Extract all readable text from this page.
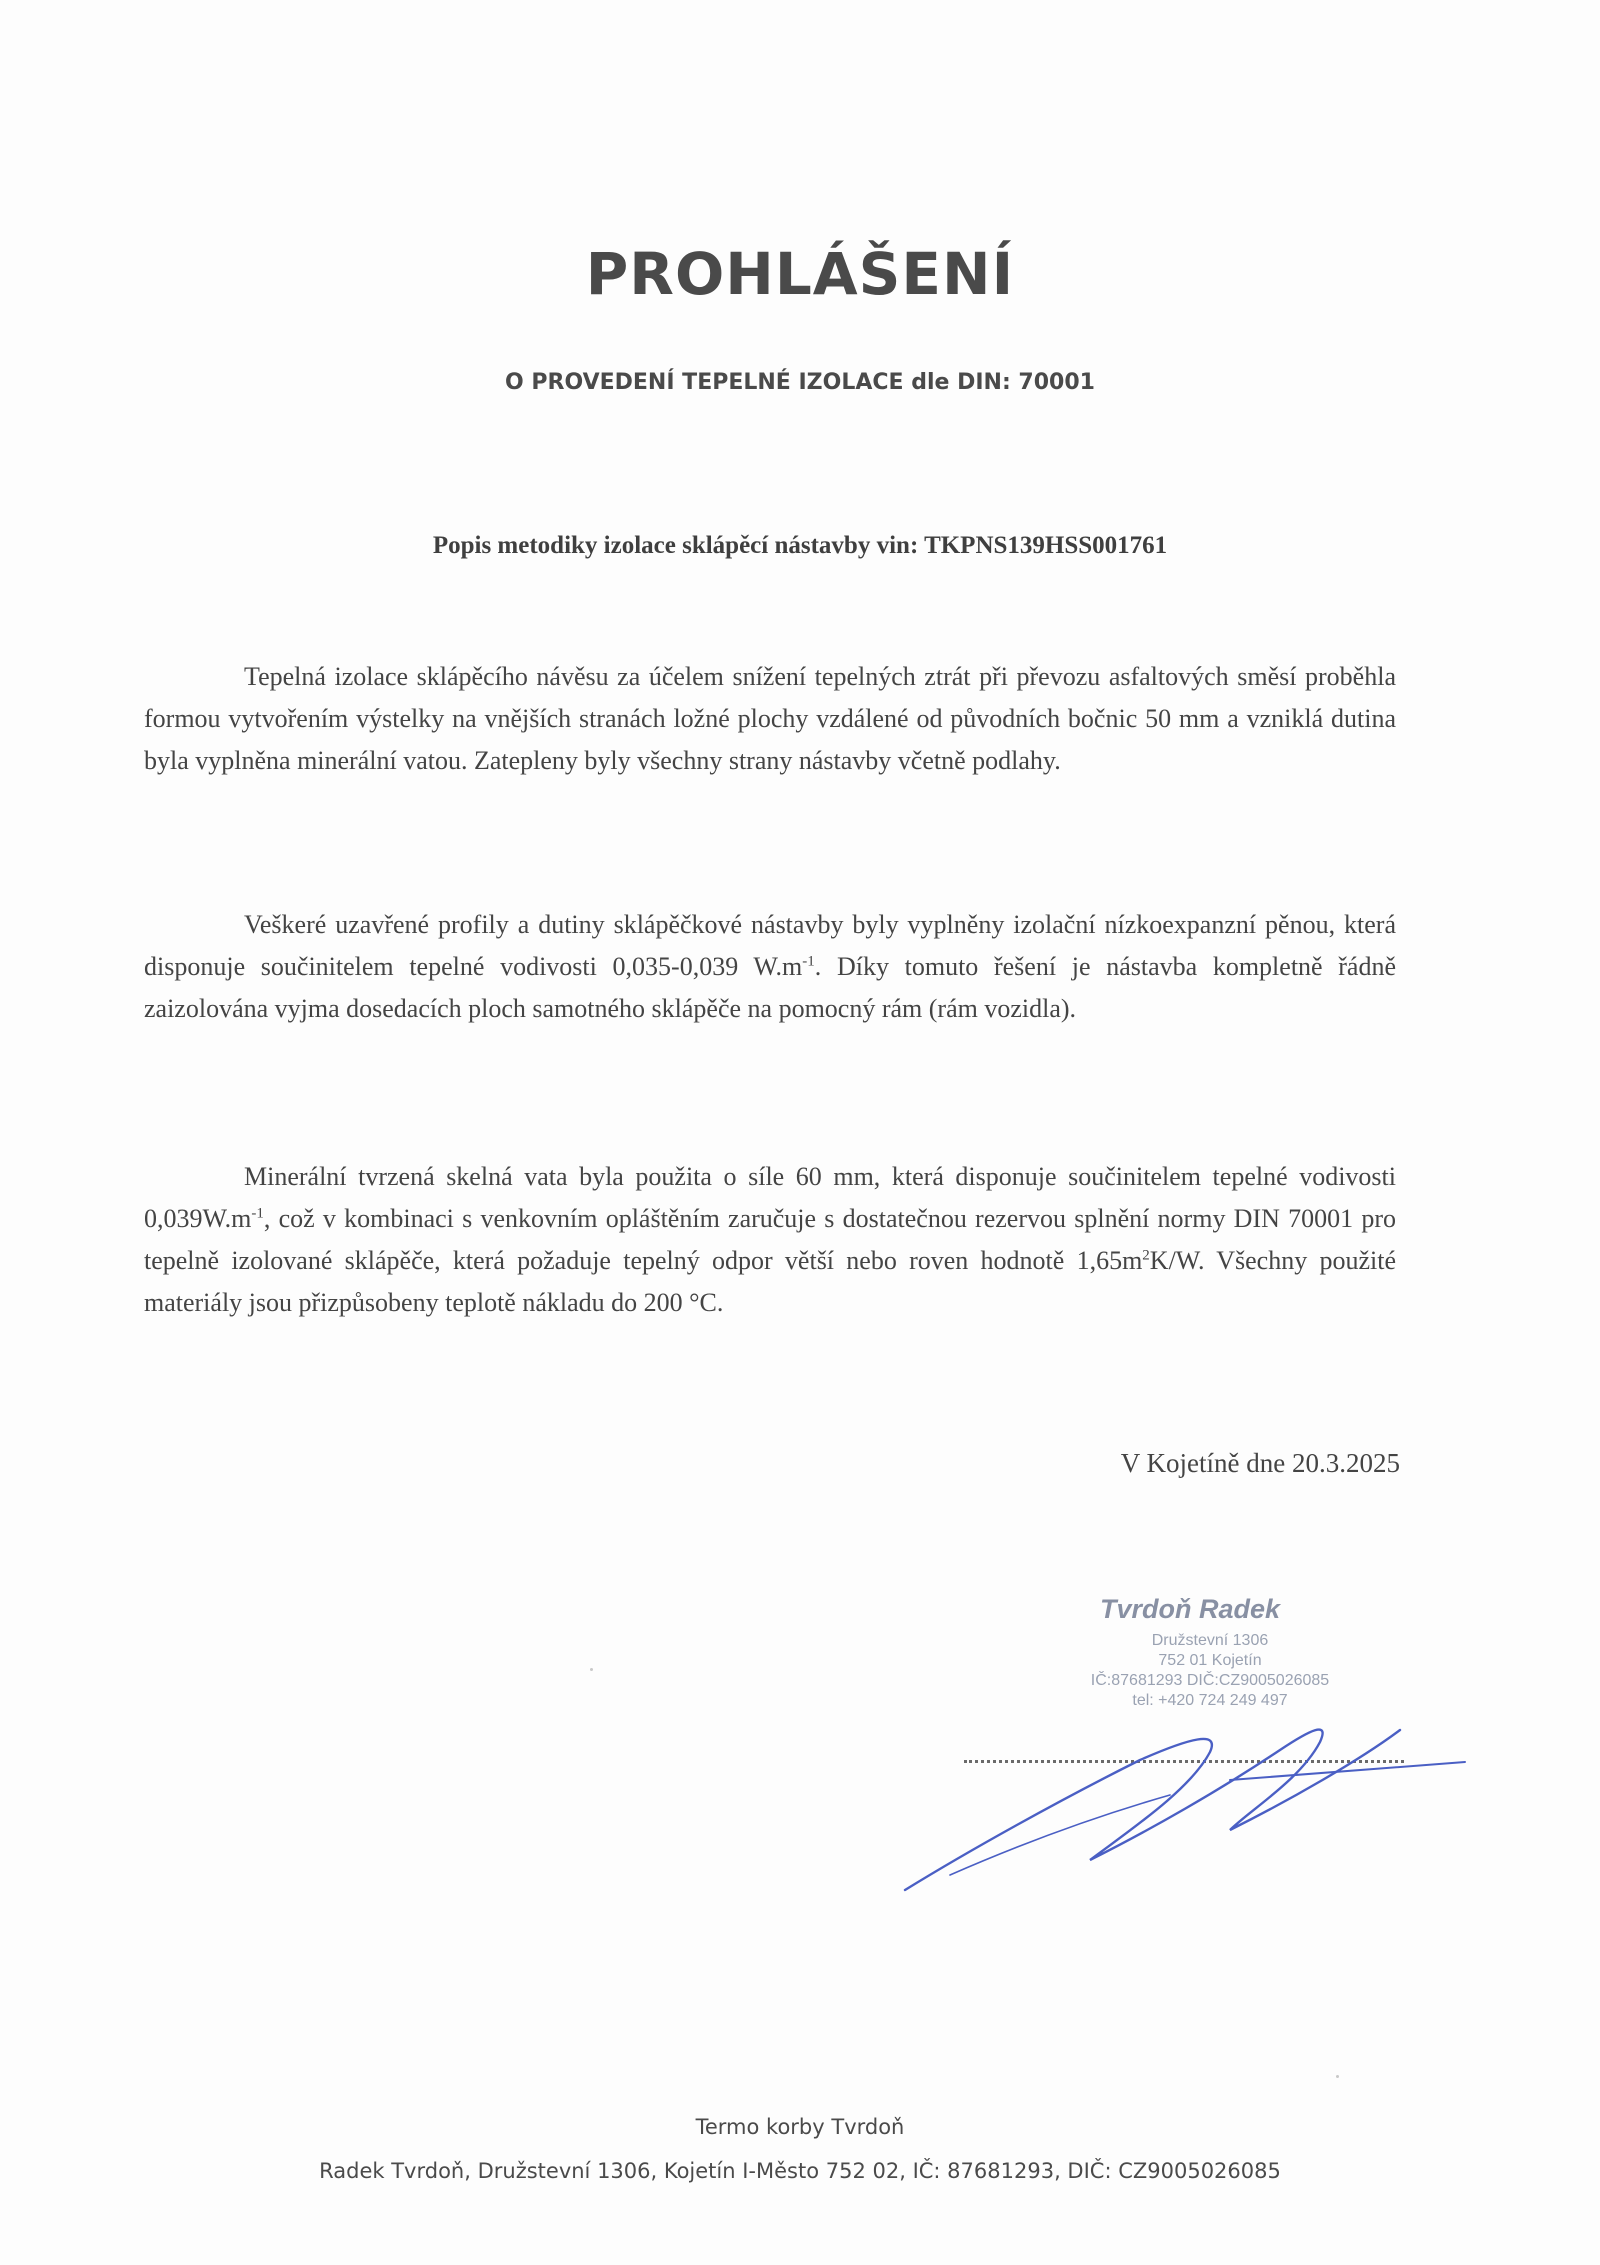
PROHLÁŠENÍ
O PROVEDENÍ TEPELNÉ IZOLACE dle DIN: 70001

Popis metodiky izolace sklápěcí nástavby vin: TKPNS139HSS001761

Tepelná izolace sklápěcího návěsu za účelem snížení tepelných ztrát při převozu asfaltových směsí proběhla formou vytvořením výstelky na vnějších stranách ložné plochy vzdálené od původních bočnic 50 mm a vzniklá dutina byla vyplněna minerální vatou. Zatepleny byly všechny strany nástavby včetně podlahy.

Veškeré uzavřené profily a dutiny sklápěčkové nástavby byly vyplněny izolační nízkoexpanzní pěnou, která disponuje součinitelem tepelné vodivosti 0,035-0,039 $W.m^{-1}$. Díky tomuto řešení je nástavba kompletně řádně zaizolována vyjma dosedacích ploch samotného sklápěče na pomocný rám (rám vozidla).

Minerální tvrzená skelná vata byla použita o síle 60 mm, která disponuje součinitelem tepelné vodivosti $0,039W.m^{-1}$, což v kombinaci s venkovním opláštěním zaručuje s dostatečnou rezervou splnění normy DIN 70001 pro tepelně izolované sklápěče, která požaduje tepelný odpor větší nebo roven hodnotě $1,65m^2K/W$. Všechny použité materiály jsou přizpůsobeny teplotě nákladu do 200 °C.

V Kojetíně dne 20.3.2025

Tvrdoň Radek

Družstevní 1306

752 01 Kojetín

IČ:87681293 DIČ:CZ9005026085

tel: +420 724 249 497

Termo korby Tvrdoň

Radek Tvrdoň, Družstevní 1306, Kojetín I-Město 752 02, IČ: 87681293, DIČ: CZ9005026085
